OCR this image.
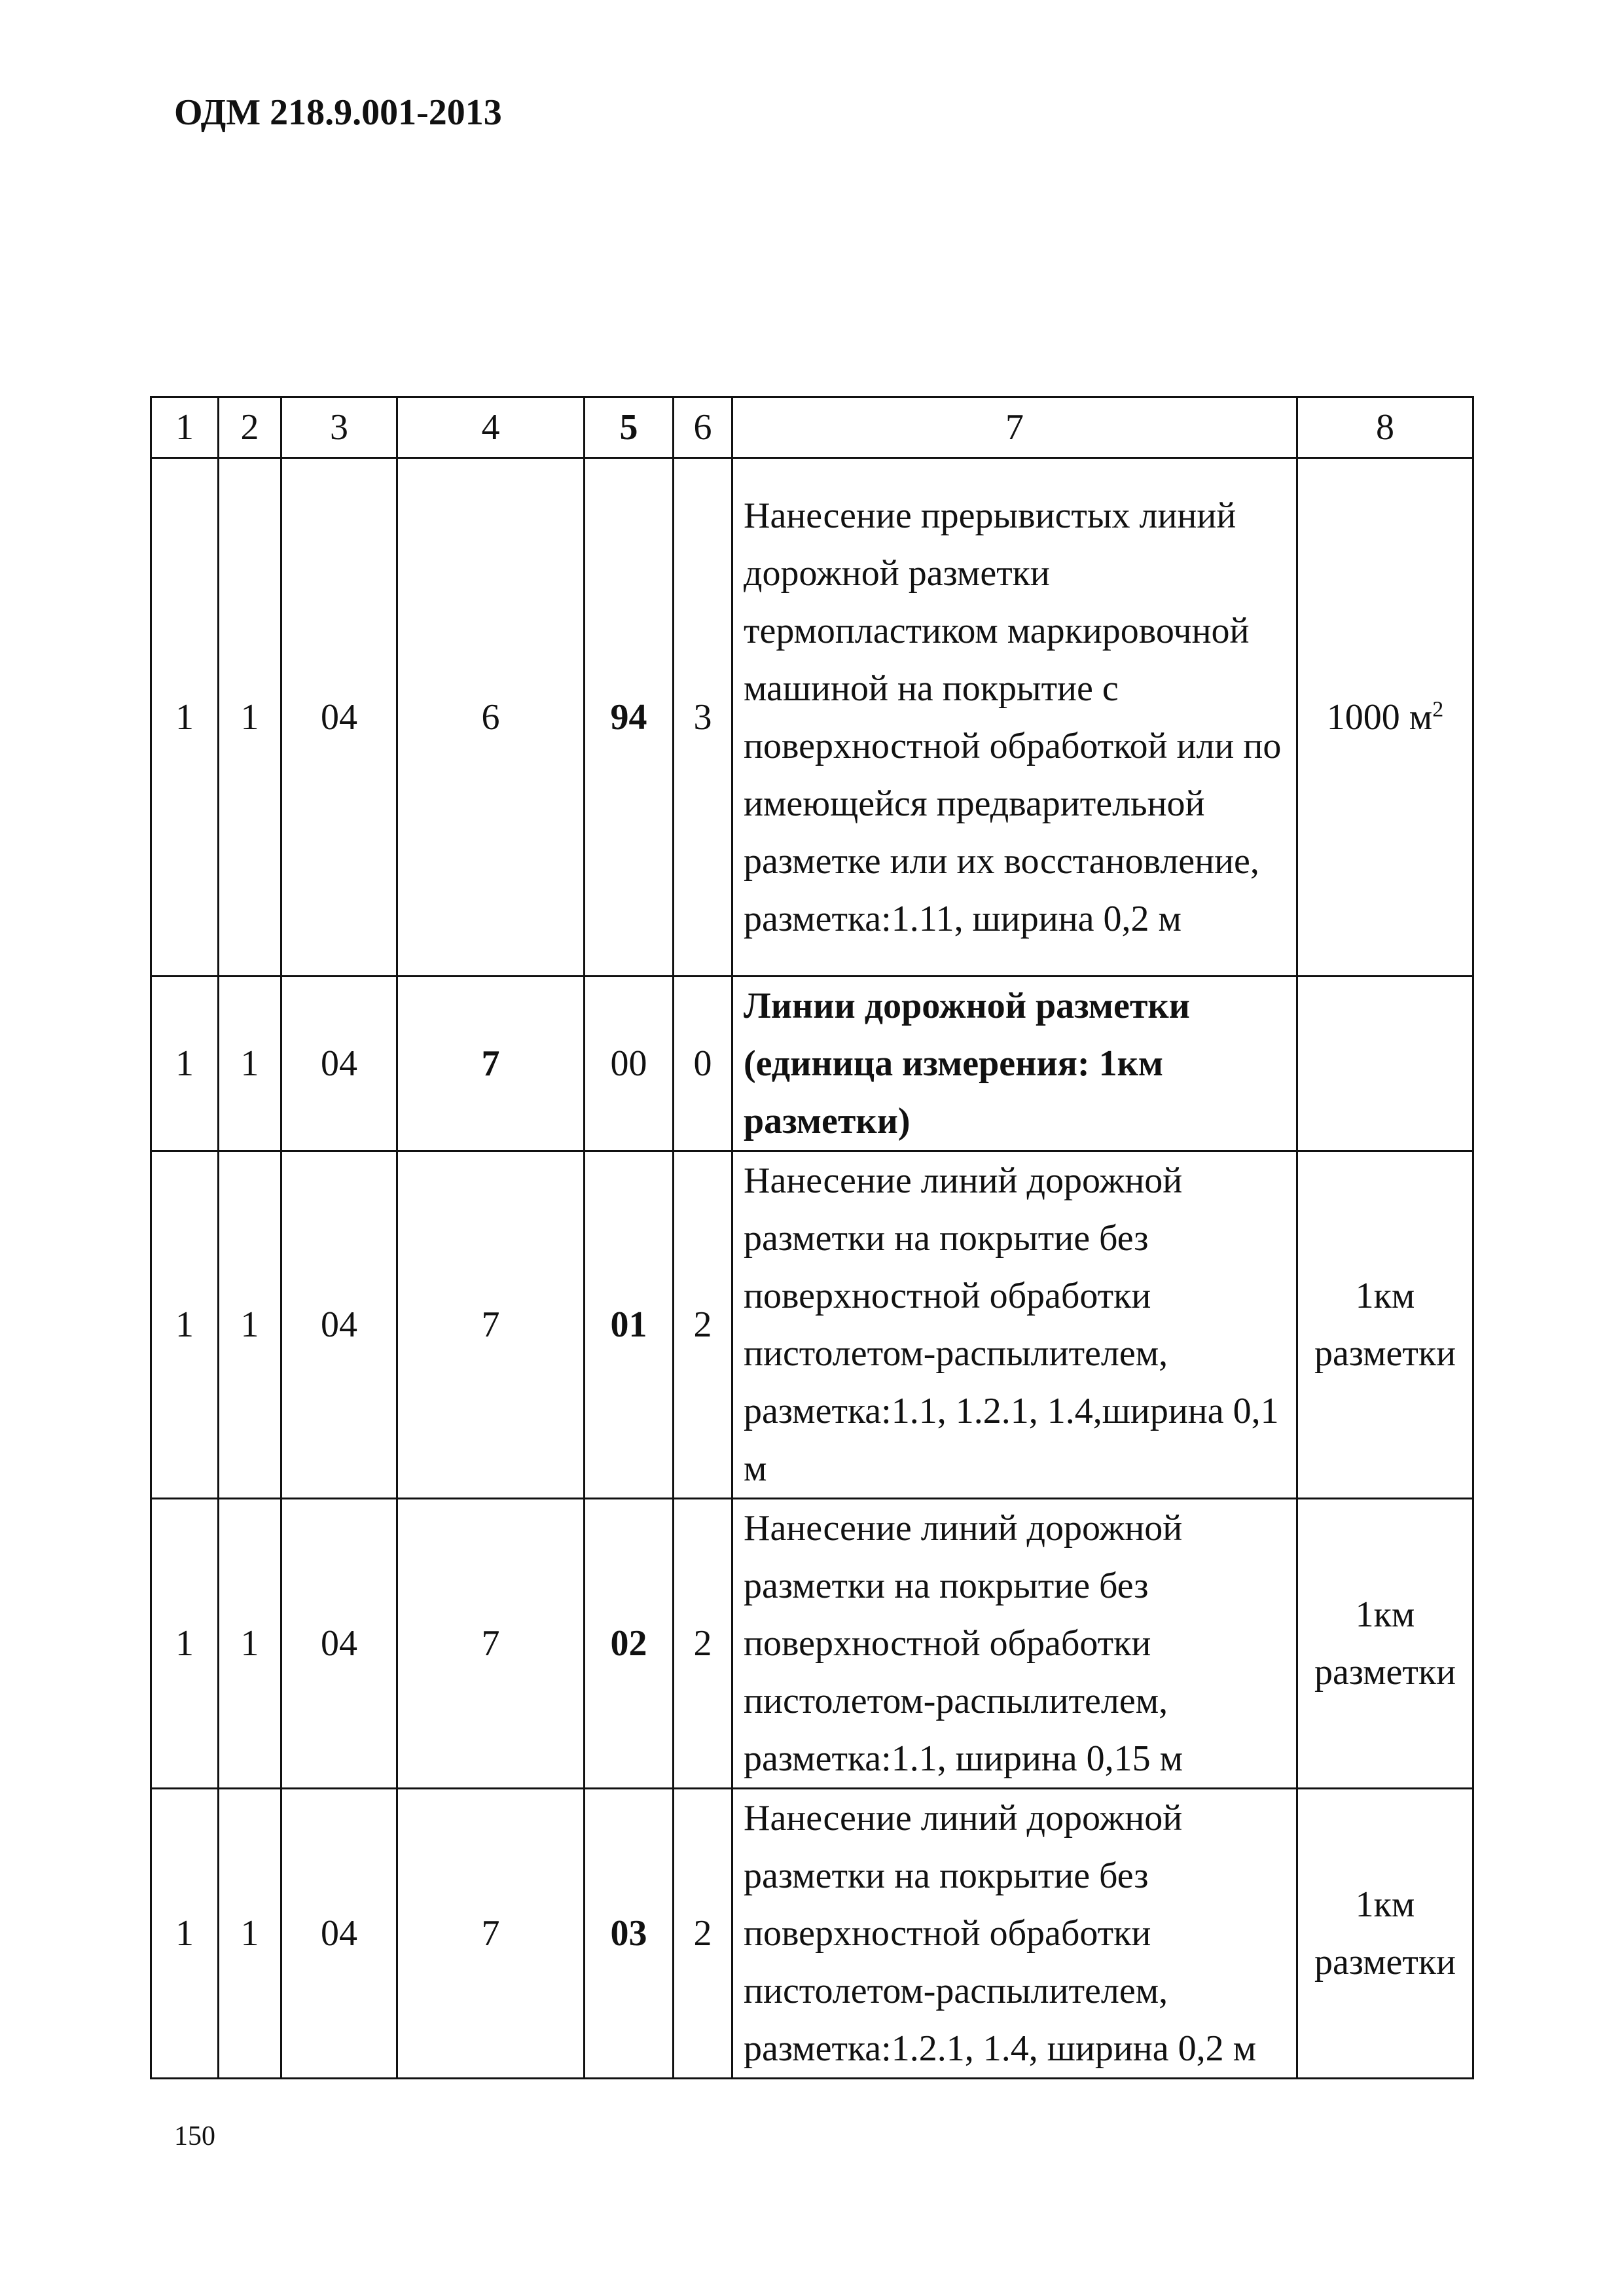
ОДМ 218.9.001-2013
1	2	3	4	5	6	7	8
1	1	04	6	94	3	Нанесение прерывистых линий дорожной разметки термопластиком маркировочной машиной на покрытие с поверхностной обработкой или по имеющейся предварительной разметке или их восстановление, разметка:1.11, ширина 0,2 м	1000 $м^2$
1	1	04	7	00	0	Линии дорожной разметки (единица измерения: 1км разметки)	
1	1	04	7	01	2	Нанесение линий дорожной разметки на покрытие без поверхностной обработки пистолетом-распылителем, разметка:1.1, 1.2.1, 1.4,ширина 0,1 м	1км
разметки

1	1	04	7	02	2	Нанесение линий дорожной разметки на покрытие без поверхностной обработки пистолетом-распылителем, разметка:1.1, ширина 0,15 м	1км
разметки

1	1	04	7	03	2	Нанесение линий дорожной разметки на покрытие без поверхностной обработки пистолетом-распылителем, разметка:1.2.1, 1.4, ширина 0,2 м	1км
разметки
150
